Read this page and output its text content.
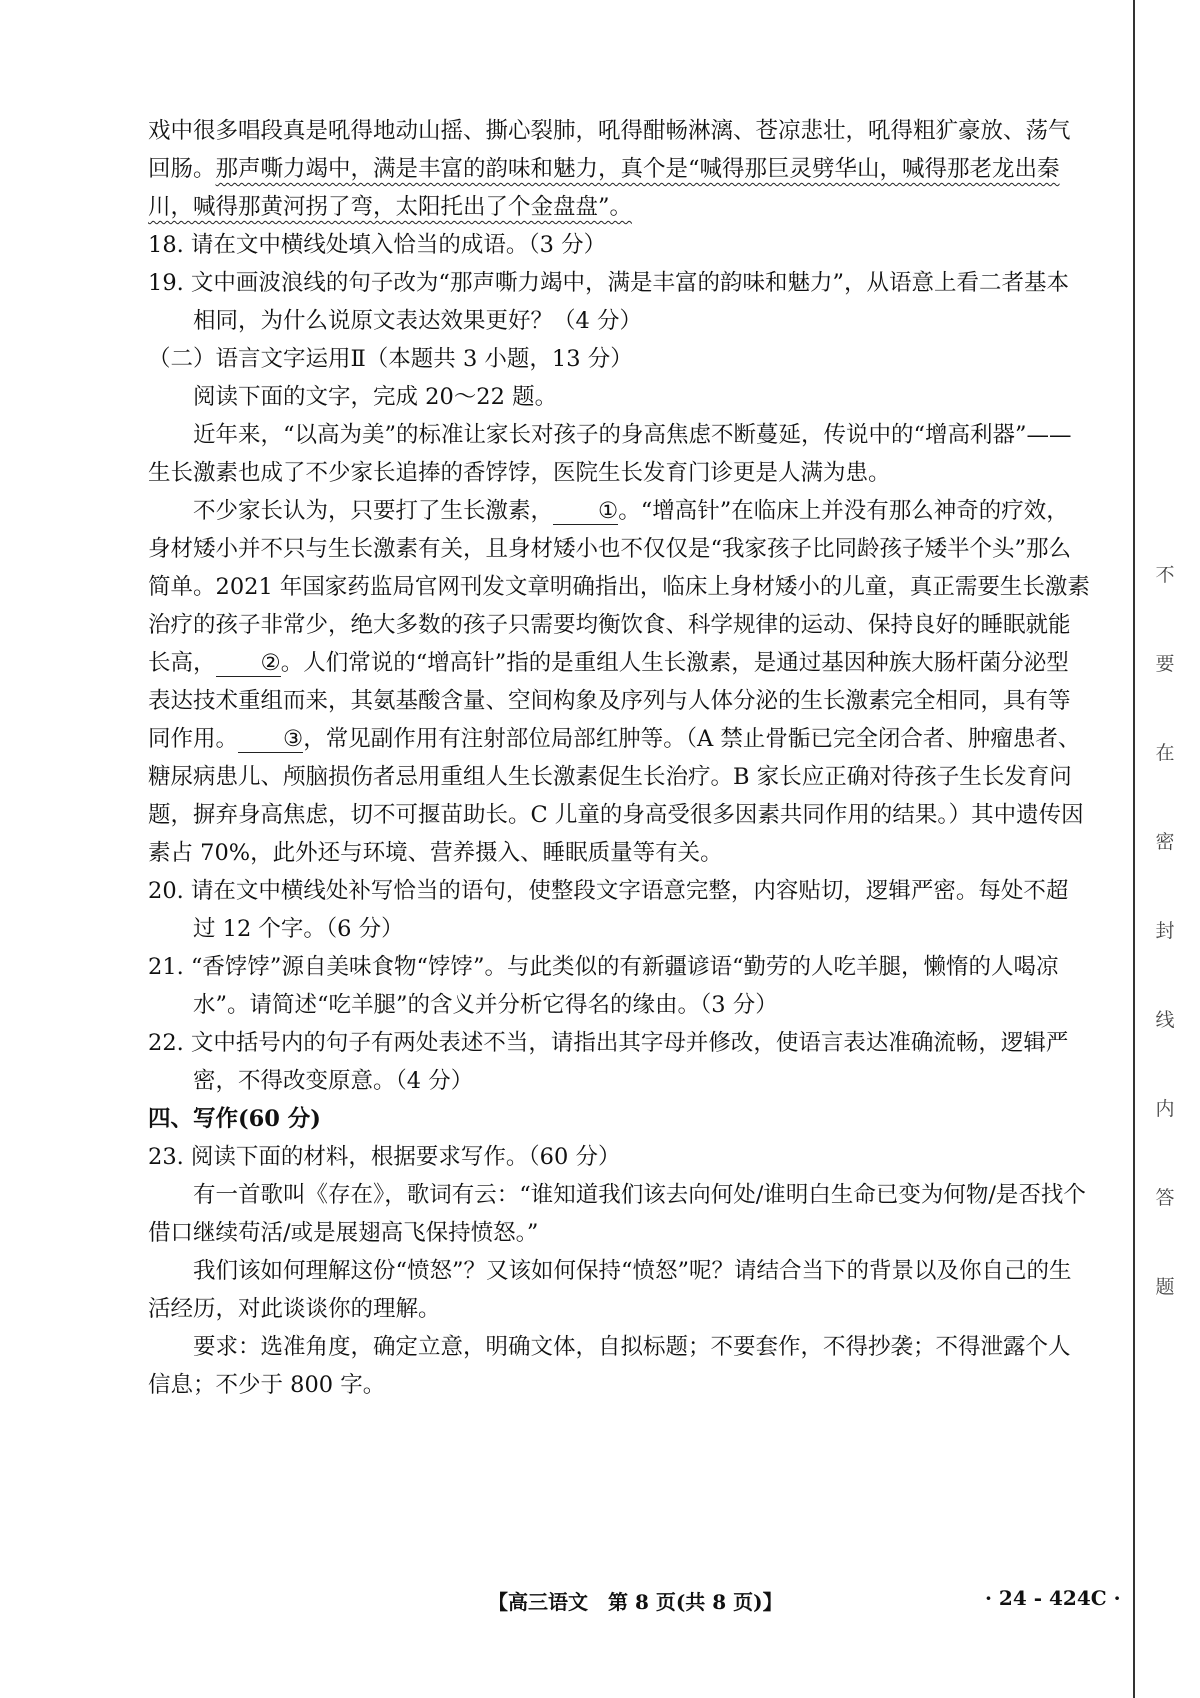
戏中很多唱段真是吼得地动山摇、撕心裂肺，吼得酣畅淋漓、苍凉悲壮，吼得粗犷豪放、荡气回肠。那声嘶力竭中，满是丰富的韵味和魅力，真个是“喊得那巨灵劈华山，喊得那老龙出秦川，喊得那黄河拐了弯，太阳托出了个金盘盘”。

18. 请在文中横线处填入恰当的成语。（3 分）

19. 文中画波浪线的句子改为“那声嘶力竭中，满是丰富的韵味和魅力”，从语意上看二者基本相同，为什么说原文表达效果更好？（4 分）

（二）语言文字运用Ⅱ（本题共 3 小题，13 分）

阅读下面的文字，完成 20～22 题。

近年来，“以高为美”的标准让家长对孩子的身高焦虑不断蔓延，传说中的“增高利器”——生长激素也成了不少家长追捧的香饽饽，医院生长发育门诊更是人满为患。

不少家长认为，只要打了生长激素， ①。“增高针”在临床上并没有那么神奇的疗效，身材矮小并不只与生长激素有关，且身材矮小也不仅仅是“我家孩子比同龄孩子矮半个头”那么简单。2021 年国家药监局官网刊发文章明确指出，临床上身材矮小的儿童，真正需要生长激素治疗的孩子非常少，绝大多数的孩子只需要均衡饮食、科学规律的运动、保持良好的睡眠就能长高， ②。人们常说的“增高针”指的是重组人生长激素，是通过基因种族大肠杆菌分泌型表达技术重组而来，其氨基酸含量、空间构象及序列与人体分泌的生长激素完全相同，具有等同作用。 ③，常见副作用有注射部位局部红肿等。（A 禁止骨骺已完全闭合者、肿瘤患者、糖尿病患儿、颅脑损伤者忌用重组人生长激素促生长治疗。B 家长应正确对待孩子生长发育问题，摒弃身高焦虑，切不可揠苗助长。C 儿童的身高受很多因素共同作用的结果。）其中遗传因素占 70%，此外还与环境、营养摄入、睡眠质量等有关。

20. 请在文中横线处补写恰当的语句，使整段文字语意完整，内容贴切，逻辑严密。每处不超过 12 个字。（6 分）

21. “香饽饽”源自美味食物“饽饽”。与此类似的有新疆谚语“勤劳的人吃羊腿，懒惰的人喝凉水”。请简述“吃羊腿”的含义并分析它得名的缘由。（3 分）

22. 文中括号内的句子有两处表述不当，请指出其字母并修改，使语言表达准确流畅，逻辑严密，不得改变原意。（4 分）

四、写作(60 分)

23. 阅读下面的材料，根据要求写作。（60 分）

有一首歌叫《存在》，歌词有云：“谁知道我们该去向何处/谁明白生命已变为何物/是否找个借口继续苟活/或是展翅高飞保持愤怒。”

我们该如何理解这份“愤怒”？又该如何保持“愤怒”呢？请结合当下的背景以及你自己的生活经历，对此谈谈你的理解。

要求：选准角度，确定立意，明确文体，自拟标题；不要套作，不得抄袭；不得泄露个人信息；不少于 800 字。

不
要
在
密
封
线
内
答
题
【高三语文　第 8 页(共 8 页)】	· 24 - 424C ·
